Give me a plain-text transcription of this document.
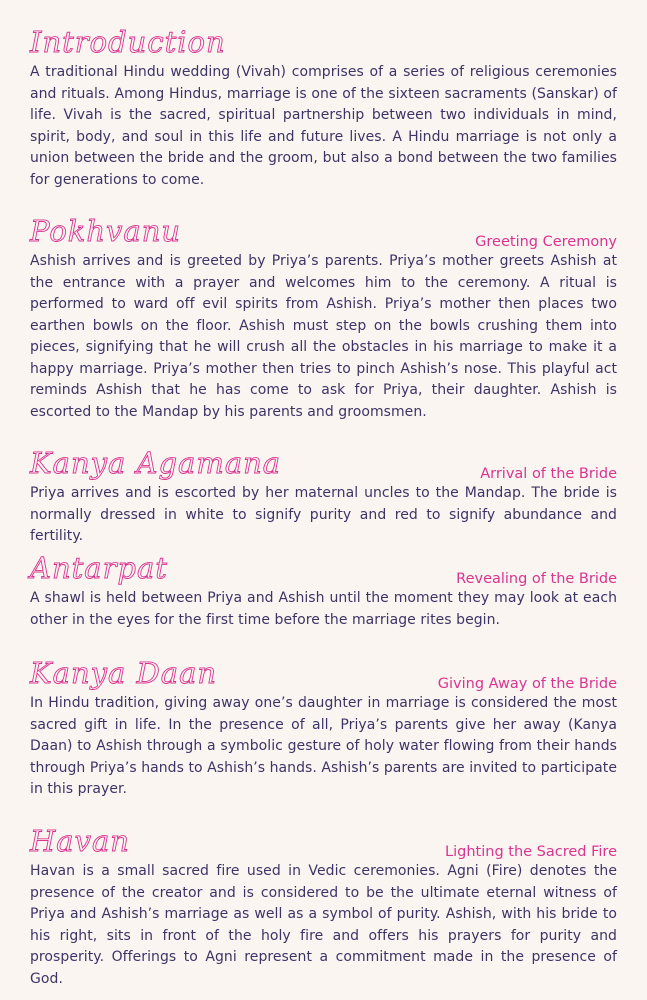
Introduction

A traditional Hindu wedding (Vivah) comprises of a series of religious ceremonies and rituals. Among Hindus, marriage is one of the sixteen sacraments (Sanskar) of life. Vivah is the sacred, spiritual partnership between two individuals in mind, spirit, body, and soul in this life and future lives. A Hindu marriage is not only a union between the bride and the groom, but also a bond between the two families for generations to come.

Pokhvanu	Greeting Ceremony

Ashish arrives and is greeted by Priya’s parents. Priya’s mother greets Ashish at the entrance with a prayer and welcomes him to the ceremony. A ritual is performed to ward off evil spirits from Ashish. Priya’s mother then places two earthen bowls on the floor. Ashish must step on the bowls crushing them into pieces, signifying that he will crush all the obstacles in his marriage to make it a happy marriage. Priya’s mother then tries to pinch Ashish’s nose. This playful act reminds Ashish that he has come to ask for Priya, their daughter. Ashish is escorted to the Mandap by his parents and groomsmen.

Kanya Agamana	Arrival of the Bride

Priya arrives and is escorted by her maternal uncles to the Mandap. The bride is normally dressed in white to signify purity and red to signify abundance and fertility.

Antarpat	Revealing of the Bride

A shawl is held between Priya and Ashish until the moment they may look at each other in the eyes for the first time before the marriage rites begin.

Kanya Daan	Giving Away of the Bride

In Hindu tradition, giving away one’s daughter in marriage is considered the most sacred gift in life. In the presence of all, Priya’s parents give her away (Kanya Daan) to Ashish through a symbolic gesture of holy water flowing from their hands through Priya’s hands to Ashish’s hands. Ashish’s parents are invited to participate in this prayer.

Havan	Lighting the Sacred Fire

Havan is a small sacred fire used in Vedic ceremonies. Agni (Fire) denotes the presence of the creator and is considered to be the ultimate eternal witness of Priya and Ashish’s marriage as well as a symbol of purity. Ashish, with his bride to his right, sits in front of the holy fire and offers his prayers for purity and prosperity. Offerings to Agni represent a commitment made in the presence of God.
